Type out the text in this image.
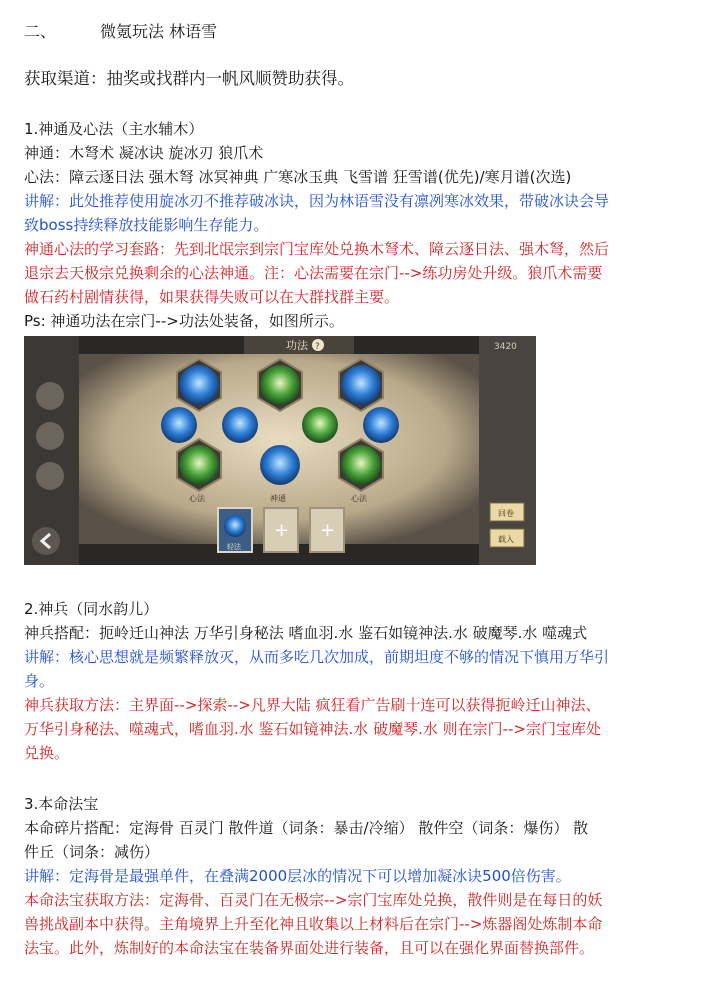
二、	微氪玩法 林语雪
获取渠道：抽奖或找群内一帆风顺赞助获得。
1.神通及心法（主水辅木）
神通：木弩术 凝冰诀 旋冰刃 狼爪术
心法：障云逐日法 强木弩 冰冥神典 广寒冰玉典 飞雪谱 狂雪谱(优先)/寒月谱(次选)
讲解：此处推荐使用旋冰刃不推荐破冰诀，因为林语雪没有凛冽寒冰效果，带破冰诀会导
致boss持续释放技能影响生存能力。
神通心法的学习套路：先到北氓宗到宗门宝库处兑换木弩术、障云逐日法、强木弩，然后
退宗去天极宗兑换剩余的心法神通。注：心法需要在宗门-->练功房处升级。狼爪术需要
做石药村剧情获得，如果获得失败可以在大群找群主要。
Ps: 神通功法在宗门-->功法处装备，如图所示。
功法 ?	3420
心法	神通	心法
轻法
+ +
回卷
载入
2.神兵（同水韵儿）
神兵搭配：扼岭迁山神法 万华引身秘法 嗜血羽.水 鉴石如镜神法.水 破魔琴.水 噬魂式
讲解：核心思想就是频繁释放灭，从而多吃几次加成，前期坦度不够的情况下慎用万华引
身。
神兵获取方法：主界面-->探索-->凡界大陆 疯狂看广告刷十连可以获得扼岭迁山神法、
万华引身秘法、噬魂式，嗜血羽.水 鉴石如镜神法.水 破魔琴.水 则在宗门-->宗门宝库处
兑换。
3.本命法宝
本命碎片搭配：定海骨 百灵门 散件道（词条：暴击/冷缩） 散件空（词条：爆伤） 散
件丘（词条：减伤）
讲解：定海骨是最强单件，在叠满2000层冰的情况下可以增加凝冰诀500倍伤害。
本命法宝获取方法：定海骨、百灵门在无极宗-->宗门宝库处兑换，散件则是在每日的妖
兽挑战副本中获得。主角境界上升至化神且收集以上材料后在宗门-->炼器阁处炼制本命
法宝。此外，炼制好的本命法宝在装备界面处进行装备，且可以在强化界面替换部件。
